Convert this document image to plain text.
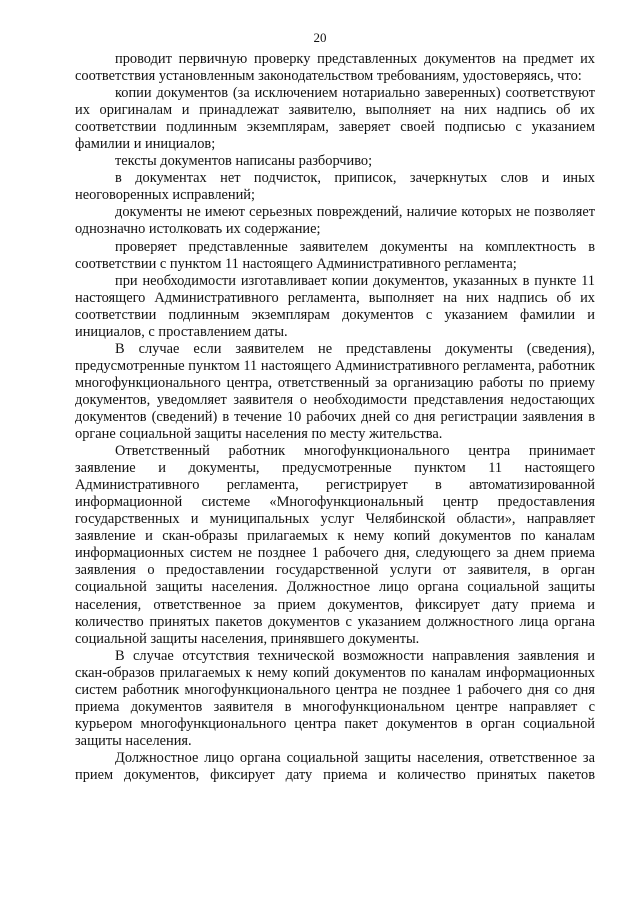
20

проводит первичную проверку представленных документов на предмет их соответствия установленным законодательством требованиям, удостоверяясь, что:

копии документов (за исключением нотариально заверенных) соответствуют их оригиналам и принадлежат заявителю, выполняет на них надпись об их соответствии подлинным экземплярам, заверяет своей подписью с указанием фамилии и инициалов;

тексты документов написаны разборчиво;

в документах нет подчисток, приписок, зачеркнутых слов и иных неоговоренных исправлений;

документы не имеют серьезных повреждений, наличие которых не позволяет однозначно истолковать их содержание;

проверяет представленные заявителем документы на комплектность в соответствии с пунктом 11 настоящего Административного регламента;

при необходимости изготавливает копии документов, указанных в пункте 11 настоящего Административного регламента, выполняет на них надпись об их соответствии подлинным экземплярам документов с указанием фамилии и инициалов, с проставлением даты.

В случае если заявителем не представлены документы (сведения), предусмотренные пунктом 11 настоящего Административного регламента, работник многофункционального центра, ответственный за организацию работы по приему документов, уведомляет заявителя о необходимости представления недостающих документов (сведений) в течение 10 рабочих дней со дня регистрации заявления в органе социальной защиты населения по месту жительства.

Ответственный работник многофункционального центра принимает заявление и документы, предусмотренные пунктом 11 настоящего Административного регламента, регистрирует в автоматизированной информационной системе «Многофункциональный центр предоставления государственных и муниципальных услуг Челябинской области», направляет заявление и скан-образы прилагаемых к нему копий документов по каналам информационных систем не позднее 1 рабочего дня, следующего за днем приема заявления о предоставлении государственной услуги от заявителя, в орган социальной защиты населения. Должностное лицо органа социальной защиты населения, ответственное за прием документов, фиксирует дату приема и количество принятых пакетов документов с указанием должностного лица органа социальной защиты населения, принявшего документы.

В случае отсутствия технической возможности направления заявления и скан-образов прилагаемых к нему копий документов по каналам информационных систем работник многофункционального центра не позднее 1 рабочего дня со дня приема документов заявителя в многофункциональном центре направляет с курьером многофункционального центра пакет документов в орган социальной защиты населения.

Должностное лицо органа социальной защиты населения, ответственное за прием документов, фиксирует дату приема и количество принятых пакетов
